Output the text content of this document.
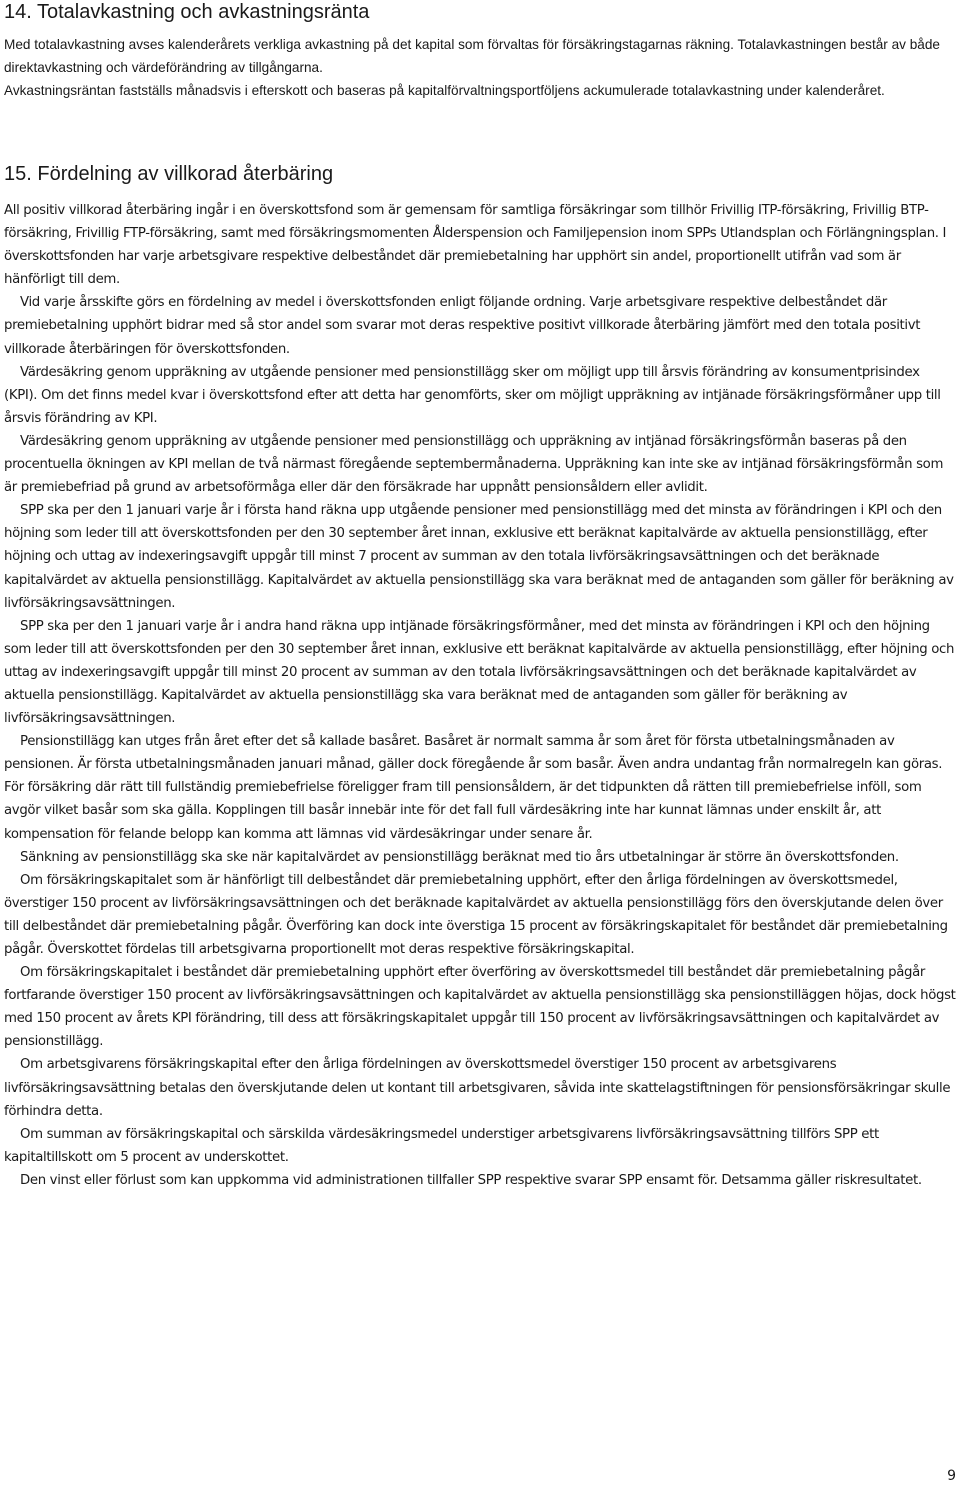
14. Totalavkastning och avkastningsränta

Med totalavkastning avses kalenderårets verkliga avkastning på det kapital som förvaltas för försäkringstagarnas räkning. Totalavkastningen består av både direktavkastning och värdeförändring av tillgångarna.

Avkastningsräntan fastställs månadsvis i efterskott och baseras på kapitalförvaltningsportföljens ackumulerade totalavkastning under kalenderåret.

15. Fördelning av villkorad återbäring

All positiv villkorad återbäring ingår i en överskottsfond som är gemensam för samtliga försäkringar som tillhör Frivillig ITP-försäkring, Frivillig BTP-försäkring, Frivillig FTP-försäkring, samt med försäkringsmomenten Ålderspension och Familjepension inom SPPs Utlandsplan och Förlängningsplan. I överskottsfonden har varje arbetsgivare respektive delbeståndet där premiebetalning har upphört sin andel, proportionellt utifrån vad som är hänförligt till dem.

Vid varje årsskifte görs en fördelning av medel i överskottsfonden enligt följande ordning. Varje arbetsgivare respektive delbeståndet där premiebetalning upphört bidrar med så stor andel som svarar mot deras respektive positivt villkorade återbäring jämfört med den totala positivt villkorade återbäringen för överskottsfonden.

Värdesäkring genom uppräkning av utgående pensioner med pensionstillägg sker om möjligt upp till årsvis förändring av konsumentprisindex (KPI). Om det finns medel kvar i överskottsfond efter att detta har genomförts, sker om möjligt uppräkning av intjänade försäkringsförmåner upp till årsvis förändring av KPI.

Värdesäkring genom uppräkning av utgående pensioner med pensionstillägg och uppräkning av intjänad försäkringsförmån baseras på den procentuella ökningen av KPI mellan de två närmast föregående septembermånaderna. Uppräkning kan inte ske av intjänad försäkringsförmån som är premiebefriad på grund av arbetsoförmåga eller där den försäkrade har uppnått pensionsåldern eller avlidit.

SPP ska per den 1 januari varje år i första hand räkna upp utgående pensioner med pensionstillägg med det minsta av förändringen i KPI och den höjning som leder till att överskottsfonden per den 30 september året innan, exklusive ett beräknat kapitalvärde av aktuella pensionstillägg, efter höjning och uttag av indexeringsavgift uppgår till minst 7 procent av summan av den totala livförsäkringsavsättningen och det beräknade kapitalvärdet av aktuella pensionstillägg. Kapitalvärdet av aktuella pensionstillägg ska vara beräknat med de antaganden som gäller för beräkning av livförsäkringsavsättningen.

SPP ska per den 1 januari varje år i andra hand räkna upp intjänade försäkringsförmåner, med det minsta av förändringen i KPI och den höjning som leder till att överskottsfonden per den 30 september året innan, exklusive ett beräknat kapitalvärde av aktuella pensionstillägg, efter höjning och uttag av indexeringsavgift uppgår till minst 20 procent av summan av den totala livförsäkringsavsättningen och det beräknade kapitalvärdet av aktuella pensionstillägg. Kapitalvärdet av aktuella pensionstillägg ska vara beräknat med de antaganden som gäller för beräkning av livförsäkringsavsättningen.

Pensionstillägg kan utges från året efter det så kallade basåret. Basåret är normalt samma år som året för första utbetalningsmånaden av pensionen. Är första utbetalningsmånaden januari månad, gäller dock föregående år som basår. Även andra undantag från normalregeln kan göras. För försäkring där rätt till fullständig premiebefrielse föreligger fram till pensionsåldern, är det tidpunkten då rätten till premiebefrielse inföll, som avgör vilket basår som ska gälla. Kopplingen till basår innebär inte för det fall full värdesäkring inte har kunnat lämnas under enskilt år, att kompensation för felande belopp kan komma att lämnas vid värdesäkringar under senare år.

Sänkning av pensionstillägg ska ske när kapitalvärdet av pensionstillägg beräknat med tio års utbetalningar är större än överskottsfonden.

Om försäkringskapitalet som är hänförligt till delbeståndet där premiebetalning upphört, efter den årliga fördelningen av överskottsmedel, överstiger 150 procent av livförsäkringsavsättningen och det beräknade kapitalvärdet av aktuella pensionstillägg förs den överskjutande delen över till delbeståndet där premiebetalning pågår. Överföring kan dock inte överstiga 15 procent av försäkringskapitalet för beståndet där premiebetalning pågår. Överskottet fördelas till arbetsgivarna proportionellt mot deras respektive försäkringskapital.

Om försäkringskapitalet i beståndet där premiebetalning upphört efter överföring av överskottsmedel till beståndet där premiebetalning pågår fortfarande överstiger 150 procent av livförsäkringsavsättningen och kapitalvärdet av aktuella pensionstillägg ska pensionstilläggen höjas, dock högst med 150 procent av årets KPI förändring, till dess att försäkringskapitalet uppgår till 150 procent av livförsäkringsavsättningen och kapitalvärdet av pensionstillägg.

Om arbetsgivarens försäkringskapital efter den årliga fördelningen av överskottsmedel överstiger 150 procent av arbetsgivarens livförsäkringsavsättning betalas den överskjutande delen ut kontant till arbetsgivaren, såvida inte skattelagstiftningen för pensionsförsäkringar skulle förhindra detta.

Om summan av försäkringskapital och särskilda värdesäkringsmedel understiger arbetsgivarens livförsäkringsavsättning tillförs SPP ett kapitaltillskott om 5 procent av underskottet.

Den vinst eller förlust som kan uppkomma vid administrationen tillfaller SPP respektive svarar SPP ensamt för. Detsamma gäller riskresultatet.

9
